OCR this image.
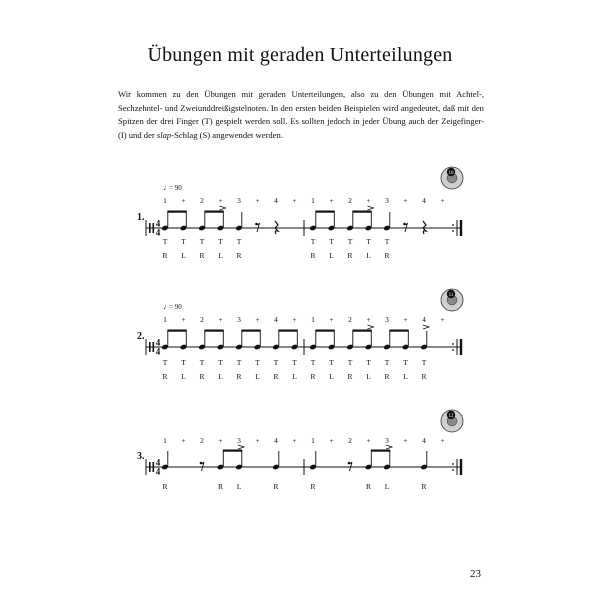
Übungen mit geraden Unterteilungen
Wir kommen zu den Übungen mit geraden Unterteilungen, also zu den Übungen mit Achtel-, Sechzehntel- und Zweiunddreißigstelnoten. In den ersten beiden Beispielen wird angedeutet, daß mit den Spitzen der drei Finger (T) gespielt werden soll. Es sollten jedoch in jeder Übung auch der Zeigefinger- (I) und der slap-Schlag (S) angewendet werden.
4
4
1.
♩
= 90
10
1 + 2 + 3 + 4 +
T T T T T
R L R L R
1 + 2 + 3 + 4 +
T T T T T
R L R L R
4
4
2.
♩
= 90
11
1 + 2 + 3 + 4 +
T T T T T T T T
R L R L R L R L
1 + 2 + 3 + 4 +
T T T T T T T
R L R L R L R
4
4
3.
12
1 + 2 + 3 + 4 +
R	R L	R
1 + 2 + 3 + 4 +
R	R L	R
23
